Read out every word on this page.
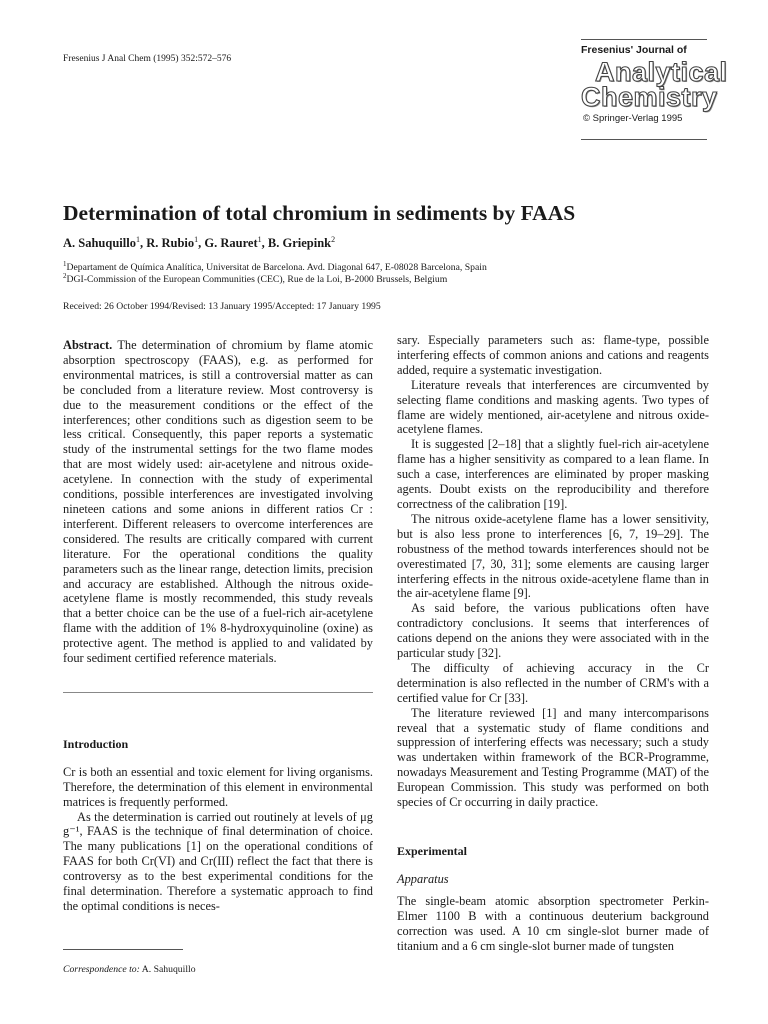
Fresenius J Anal Chem (1995) 352:572–576
Fresenius' Journal of
Analytical
Chemistry
© Springer-Verlag 1995
Determination of total chromium in sediments by FAAS
A. Sahuquillo$^1$, R. Rubio$^1$, G. Rauret$^1$, B. Griepink$^2$
$^1$Departament de Química Analítica, Universitat de Barcelona. Avd. Diagonal 647, E-08028 Barcelona, Spain
$^2$DGI-Commission of the European Communities (CEC), Rue de la Loi, B-2000 Brussels, Belgium
Received: 26 October 1994/Revised: 13 January 1995/Accepted: 17 January 1995

Abstract. The determination of chromium by flame atomic absorption spectroscopy (FAAS), e.g. as performed for environmental matrices, is still a controversial matter as can be concluded from a literature review. Most controversy is due to the measurement conditions or the effect of the interferences; other conditions such as digestion seem to be less critical. Consequently, this paper reports a systematic study of the instrumental settings for the two flame modes that are most widely used: air-acetylene and nitrous oxide-acetylene. In connection with the study of experimental conditions, possible interferences are investigated involving nineteen cations and some anions in different ratios Cr : interferent. Different releasers to overcome interferences are considered. The results are critically compared with current literature. For the operational conditions the quality parameters such as the linear range, detection limits, precision and accuracy are established. Although the nitrous oxide-acetylene flame is mostly recommended, this study reveals that a better choice can be the use of a fuel-rich air-acetylene flame with the addition of 1% 8-hydroxyquinoline (oxine) as protective agent. The method is applied to and validated by four sediment certified reference materials.

Introduction

Cr is both an essential and toxic element for living organisms. Therefore, the determination of this element in environmental matrices is frequently performed.

As the determination is carried out routinely at levels of μg g⁻¹, FAAS is the technique of final determination of choice. The many publications [1] on the operational conditions of FAAS for both Cr(VI) and Cr(III) reflect the fact that there is controversy as to the best experimental conditions for the final determination. Therefore a systematic approach to find the optimal conditions is neces-

sary. Especially parameters such as: flame-type, possible interfering effects of common anions and cations and reagents added, require a systematic investigation.

Literature reveals that interferences are circumvented by selecting flame conditions and masking agents. Two types of flame are widely mentioned, air-acetylene and nitrous oxide-acetylene flames.

It is suggested [2–18] that a slightly fuel-rich air-acetylene flame has a higher sensitivity as compared to a lean flame. In such a case, interferences are eliminated by proper masking agents. Doubt exists on the reproducibility and therefore correctness of the calibration [19].

The nitrous oxide-acetylene flame has a lower sensitivity, but is also less prone to interferences [6, 7, 19–29]. The robustness of the method towards interferences should not be overestimated [7, 30, 31]; some elements are causing larger interfering effects in the nitrous oxide-acetylene flame than in the air-acetylene flame [9].

As said before, the various publications often have contradictory conclusions. It seems that interferences of cations depend on the anions they were associated with in the particular study [32].

The difficulty of achieving accuracy in the Cr determination is also reflected in the number of CRM's with a certified value for Cr [33].

The literature reviewed [1] and many intercomparisons reveal that a systematic study of flame conditions and suppression of interfering effects was necessary; such a study was undertaken within framework of the BCR-Programme, nowadays Measurement and Testing Programme (MAT) of the European Commission. This study was performed on both species of Cr occurring in daily practice.

Experimental
Apparatus

The single-beam atomic absorption spectrometer Perkin-Elmer 1100 B with a continuous deuterium background correction was used. A 10 cm single-slot burner made of titanium and a 6 cm single-slot burner made of tungsten

Correspondence to: A. Sahuquillo
